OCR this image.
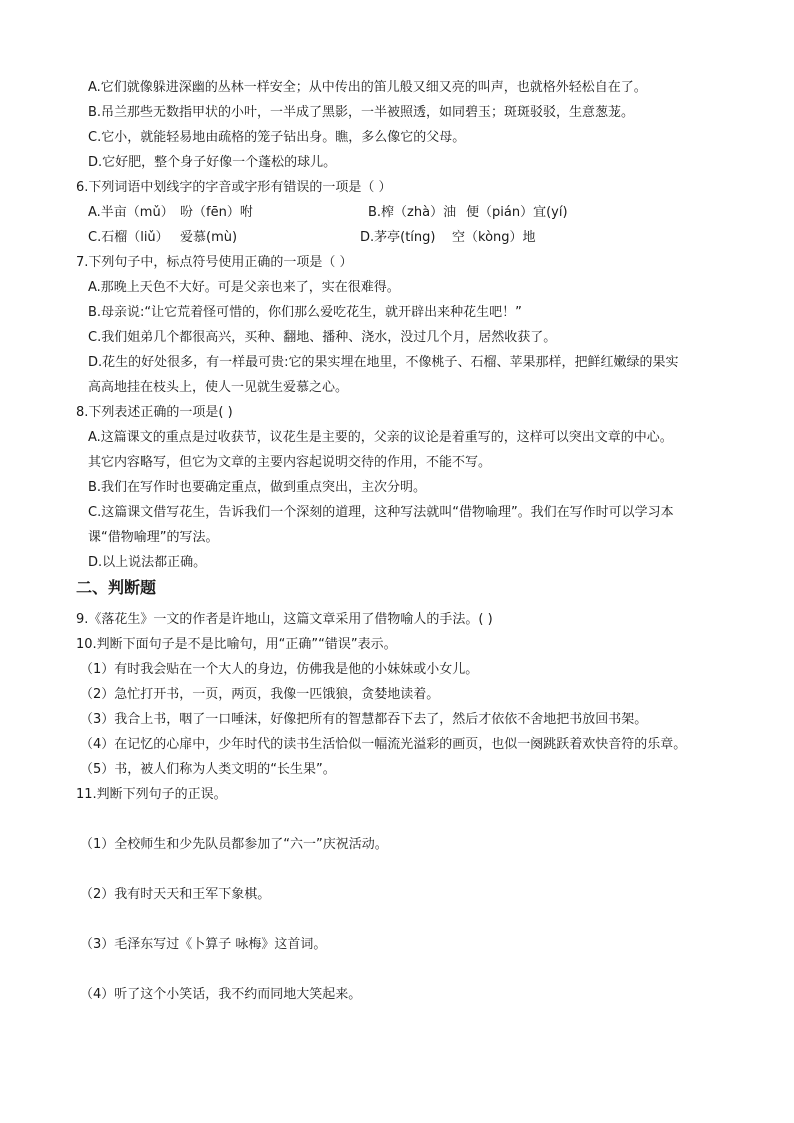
A.它们就像躲进深幽的丛林一样安全；从中传出的笛儿般又细又亮的叫声，也就格外轻松自在了。
B.吊兰那些无数指甲状的小叶，一半成了黑影，一半被照透，如同碧玉；斑斑驳驳，生意葱茏。
C.它小，就能轻易地由疏格的笼子钻出身。瞧，多么像它的父母。
D.它好肥，整个身子好像一个蓬松的球儿。
6.下列词语中划线字的字音或字形有错误的一项是（ ）
A.半亩（mǔ） 吩（fēn）咐	B.榨（zhà）油 便（pián）宜(yí)
C.石榴（liǔ） 爱慕(mù)	D.茅亭(tíng) 空（kòng）地
7.下列句子中，标点符号使用正确的一项是（ ）
A.那晚上天色不大好。可是父亲也来了，实在很难得。
B.母亲说:“让它荒着怪可惜的，你们那么爱吃花生，就开辟出来种花生吧！”
C.我们姐弟几个都很高兴，买种、翻地、播种、浇水，没过几个月，居然收获了。
D.花生的好处很多，有一样最可贵:它的果实埋在地里，不像桃子、石榴、苹果那样，把鲜红嫩绿的果实
高高地挂在枝头上，使人一见就生爱慕之心。
8.下列表述正确的一项是( )
A.这篇课文的重点是过收获节，议花生是主要的，父亲的议论是着重写的，这样可以突出文章的中心。
其它内容略写，但它为文章的主要内容起说明交待的作用，不能不写。
B.我们在写作时也要确定重点，做到重点突出，主次分明。
C.这篇课文借写花生，告诉我们一个深刻的道理，这种写法就叫“借物喻理”。我们在写作时可以学习本
课“借物喻理”的写法。
D.以上说法都正确。
二、判断题
9.《落花生》一文的作者是许地山，这篇文章采用了借物喻人的手法。( )
10.判断下面句子是不是比喻句，用“正确”“错误”表示。
（1）有时我会贴在一个大人的身边，仿佛我是他的小妹妹或小女儿。
（2）急忙打开书，一页，两页，我像一匹饿狼，贪婪地读着。
（3）我合上书，咽了一口唾沫，好像把所有的智慧都吞下去了，然后才依依不舍地把书放回书架。
（4）在记忆的心扉中，少年时代的读书生活恰似一幅流光溢彩的画页，也似一阕跳跃着欢快音符的乐章。
（5）书，被人们称为人类文明的“长生果”。
11.判断下列句子的正误。
（1）全校师生和少先队员都参加了“六一”庆祝活动。
（2）我有时天天和王军下象棋。
（3）毛泽东写过《卜算子 咏梅》这首词。
（4）听了这个小笑话，我不约而同地大笑起来。
